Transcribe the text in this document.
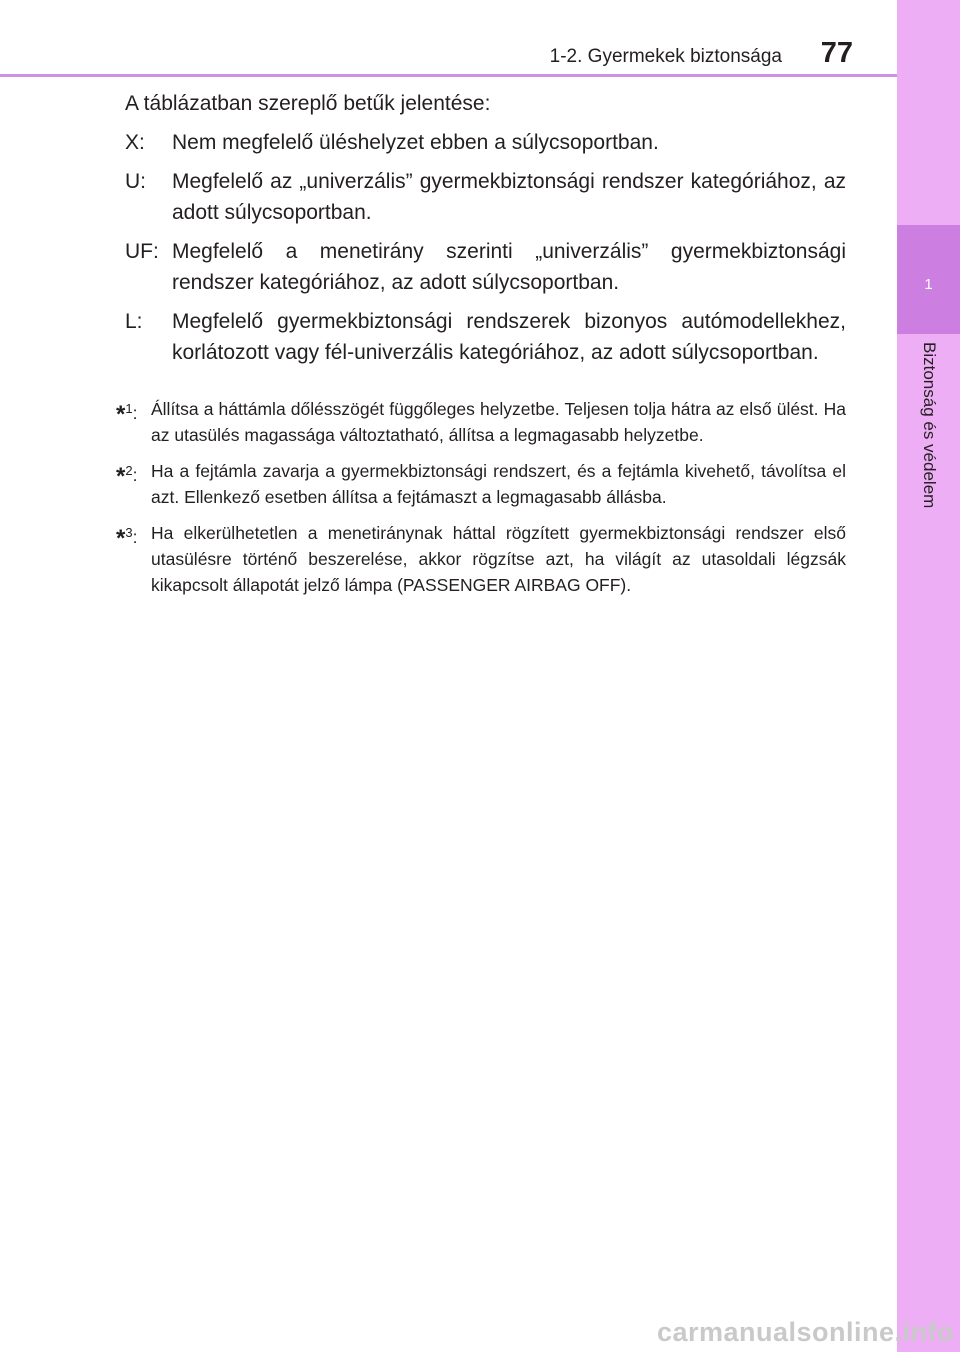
1-2. Gyermekek biztonsága 77
1
Biztonság és védelem

A táblázatban szereplő betűk jelentése:

X:	Nem megfelelő üléshelyzet ebben a súlycsoportban.
U:	Megfelelő az „univerzális” gyermekbiztonsági rendszer kategóriához, az adott súlycsoportban.
UF: Megfelelő a menetirány szerinti „univerzális” gyermekbiztonsági rendszer kategóriához, az adott súlycsoportban.
L:	Megfelelő gyermekbiztonsági rendszerek bizonyos autómodellekhez, korlátozott vagy fél-univerzális kategóriához, az adott súlycsoportban.
*$^1$: Állítsa a háttámla dőlésszögét függőleges helyzetbe. Teljesen tolja hátra az első ülést. Ha az utasülés magassága változtatható, állítsa a legmagasabb helyzetbe.
*$^2$: Ha a fejtámla zavarja a gyermekbiztonsági rendszert, és a fejtámla kivehető, távolítsa el azt. Ellenkező esetben állítsa a fejtámaszt a legmagasabb állásba.
*$^3$: Ha elkerülhetetlen a menetiránynak háttal rögzített gyermekbiztonsági rendszer első utasülésre történő beszerelése, akkor rögzítse azt, ha világít az utasoldali légzsák kikapcsolt állapotát jelző lámpa (PASSENGER AIRBAG OFF).
carmanualsonline.info
